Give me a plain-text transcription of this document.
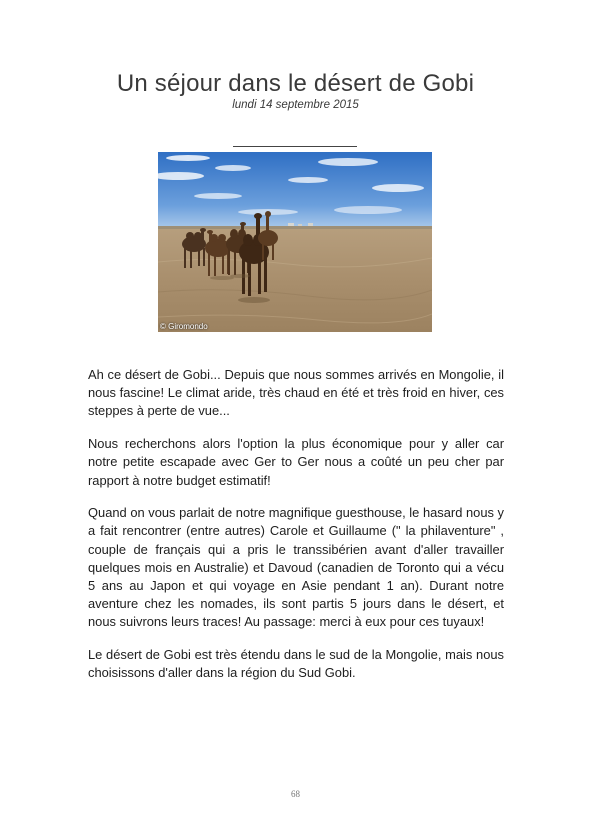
Un séjour dans le désert de Gobi
lundi 14 septembre 2015
© Giromondo

Ah ce désert de Gobi... Depuis que nous sommes arrivés en Mongolie, il nous fascine! Le climat aride, très chaud en été et très froid en hiver, ces steppes à perte de vue...

Nous recherchons alors l'option la plus économique pour y aller car notre petite escapade avec Ger to Ger nous a coûté un peu cher par rapport à notre budget estimatif!

Quand on vous parlait de notre magnifique guesthouse, le hasard nous y a fait rencontrer (entre autres) Carole et Guillaume (" la philaventure" , couple de français qui a pris le transsibérien avant d'aller travailler quelques mois en Australie) et Davoud (canadien de Toronto qui a vécu 5 ans au Japon et qui voyage en Asie pendant 1 an). Durant notre aventure chez les nomades, ils sont partis 5 jours dans le désert, et nous suivrons leurs traces! Au passage: merci à eux pour ces tuyaux!

Le désert de Gobi est très étendu dans le sud de la Mongolie, mais nous choisissons d'aller dans la région du Sud Gobi.

68
